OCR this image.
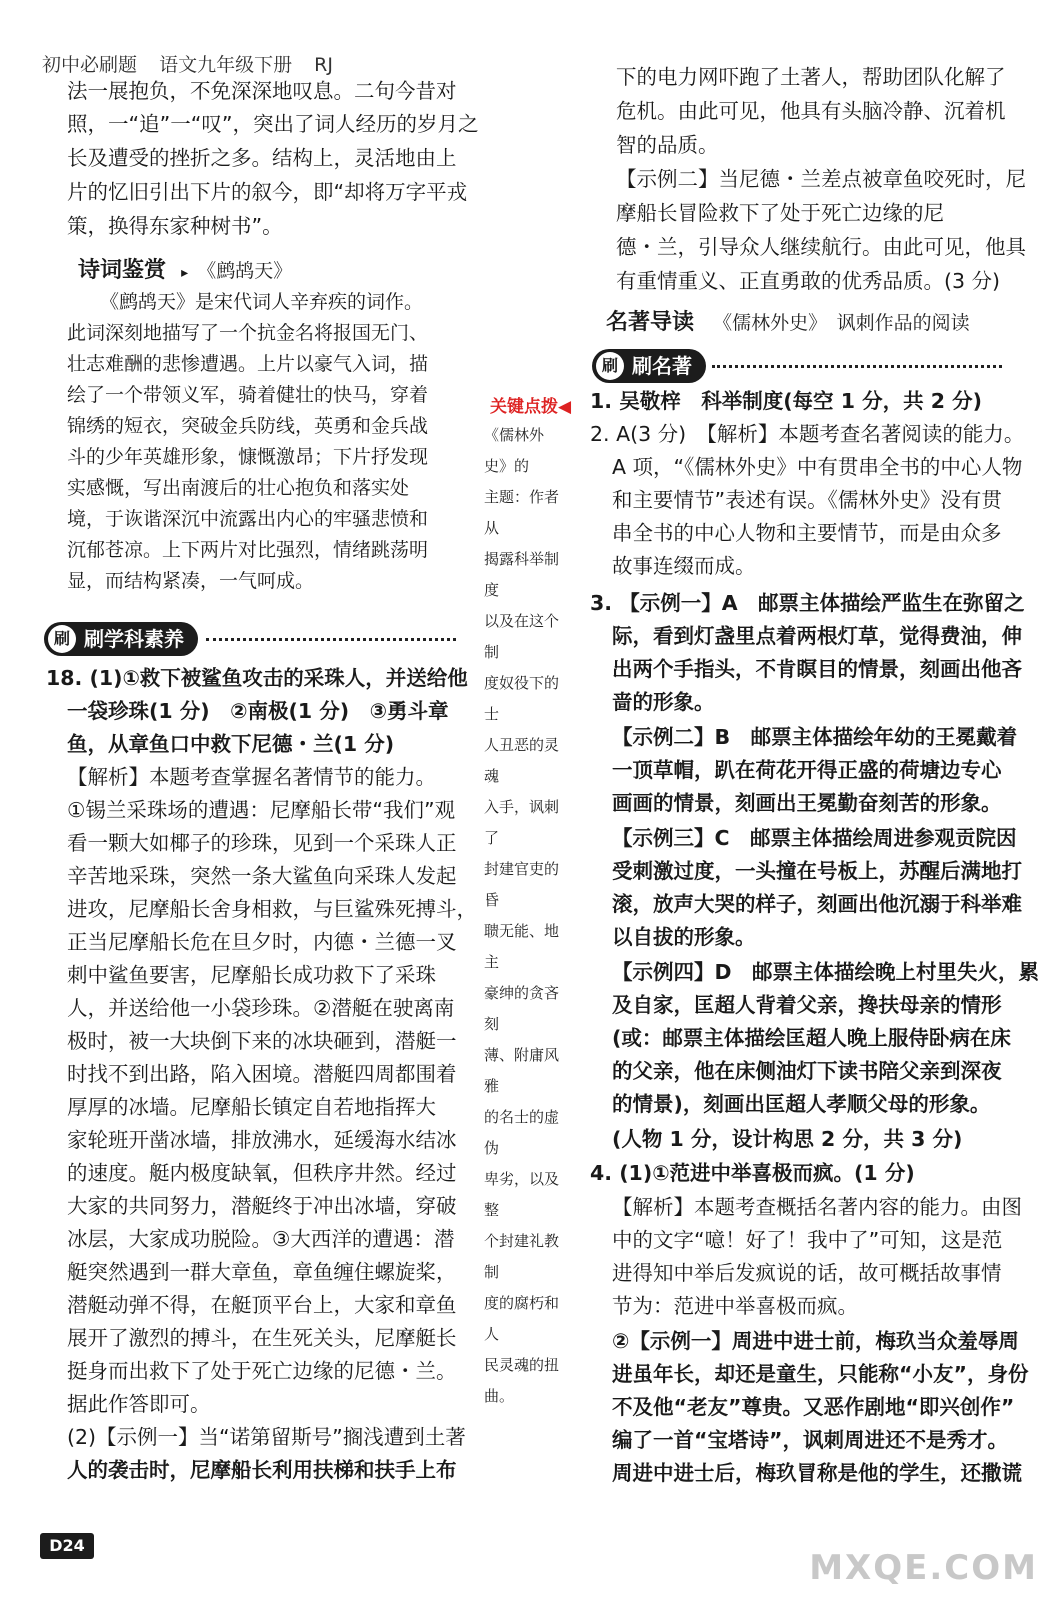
初中必刷题 语文九年级下册 RJ
法一展抱负，不免深深地叹息。二句今昔对
照，一“追”一“叹”，突出了词人经历的岁月之
长及遭受的挫折之多。结构上，灵活地由上
片的忆旧引出下片的叙今，即“却将万字平戎
策，换得东家种树书”。
诗词鉴赏 ▸ 《鹧鸪天》
《鹧鸪天》是宋代词人辛弃疾的词作。
此词深刻地描写了一个抗金名将报国无门、
壮志难酬的悲惨遭遇。上片以豪气入词，描
绘了一个带领义军，骑着健壮的快马，穿着
锦绣的短衣，突破金兵防线，英勇和金兵战
斗的少年英雄形象，慷慨激昂；下片抒发现
实感慨，写出南渡后的壮心抱负和落实处
境，于诙谐深沉中流露出内心的牢骚悲愤和
沉郁苍凉。上下两片对比强烈，情绪跳荡明
显，而结构紧凑，一气呵成。
刷 刷学科素养
18. (1)①救下被鲨鱼攻击的采珠人，并送给他
一袋珍珠(1 分)　②南极(1 分)　③勇斗章
鱼，从章鱼口中救下尼德・兰(1 分)
【解析】本题考查掌握名著情节的能力。
①锡兰采珠场的遭遇：尼摩船长带“我们”观
看一颗大如椰子的珍珠，见到一个采珠人正
辛苦地采珠，突然一条大鲨鱼向采珠人发起
进攻，尼摩船长舍身相救，与巨鲨殊死搏斗，
正当尼摩船长危在旦夕时，内德・兰德一叉
刺中鲨鱼要害，尼摩船长成功救下了采珠
人，并送给他一小袋珍珠。②潜艇在驶离南
极时，被一大块倒下来的冰块砸到，潜艇一
时找不到出路，陷入困境。潜艇四周都围着
厚厚的冰墙。尼摩船长镇定自若地指挥大
家轮班开凿冰墙，排放沸水，延缓海水结冰
的速度。艇内极度缺氧，但秩序井然。经过
大家的共同努力，潜艇终于冲出冰墙，穿破
冰层，大家成功脱险。③大西洋的遭遇：潜
艇突然遇到一群大章鱼，章鱼缠住螺旋桨，
潜艇动弹不得，在艇顶平台上，大家和章鱼
展开了激烈的搏斗，在生死关头，尼摩艇长
挺身而出救下了处于死亡边缘的尼德・兰。
据此作答即可。
(2)【示例一】当“诺第留斯号”搁浅遭到土著
人的袭击时，尼摩船长利用扶梯和扶手上布
关键点拨◀
《儒林外史》的
主题：作者从
揭露科举制度
以及在这个制
度奴役下的士
人丑恶的灵魂
入手，讽刺了
封建官吏的昏
聩无能、地主
豪绅的贪吝刻
薄、附庸风雅
的名士的虚伪
卑劣，以及整
个封建礼教制
度的腐朽和人
民灵魂的扭
曲。
下的电力网吓跑了土著人，帮助团队化解了
危机。由此可见，他具有头脑冷静、沉着机
智的品质。
【示例二】当尼德・兰差点被章鱼咬死时，尼
摩船长冒险救下了处于死亡边缘的尼
德・兰，引导众人继续航行。由此可见，他具
有重情重义、正直勇敢的优秀品质。(3 分)
名著导读 《儒林外史》　讽刺作品的阅读
刷 刷名著
1. 吴敬梓　科举制度(每空 1 分，共 2 分)
2. A(3 分)　【解析】本题考查名著阅读的能力。
A 项，“《儒林外史》中有贯串全书的中心人物
和主要情节”表述有误。《儒林外史》没有贯
串全书的中心人物和主要情节，而是由众多
故事连缀而成。
3. 【示例一】A　邮票主体描绘严监生在弥留之
际，看到灯盏里点着两根灯草，觉得费油，伸
出两个手指头，不肯瞑目的情景，刻画出他吝
啬的形象。
【示例二】B　邮票主体描绘年幼的王冕戴着
一顶草帽，趴在荷花开得正盛的荷塘边专心
画画的情景，刻画出王冕勤奋刻苦的形象。
【示例三】C　邮票主体描绘周进参观贡院因
受刺激过度，一头撞在号板上，苏醒后满地打
滚，放声大哭的样子，刻画出他沉溺于科举难
以自拔的形象。
【示例四】D　邮票主体描绘晚上村里失火，累
及自家，匡超人背着父亲，搀扶母亲的情形
(或：邮票主体描绘匡超人晚上服侍卧病在床
的父亲，他在床侧油灯下读书陪父亲到深夜
的情景)，刻画出匡超人孝顺父母的形象。
(人物 1 分，设计构思 2 分，共 3 分)
4. (1)①范进中举喜极而疯。(1 分)
【解析】本题考查概括名著内容的能力。由图
中的文字“噫！好了！我中了”可知，这是范
进得知中举后发疯说的话，故可概括故事情
节为：范进中举喜极而疯。
②【示例一】周进中进士前，梅玖当众羞辱周
进虽年长，却还是童生，只能称“小友”，身份
不及他“老友”尊贵。又恶作剧地“即兴创作”
编了一首“宝塔诗”，讽刺周进还不是秀才。
周进中进士后，梅玖冒称是他的学生，还撒谎
D24
MXQE.COM
